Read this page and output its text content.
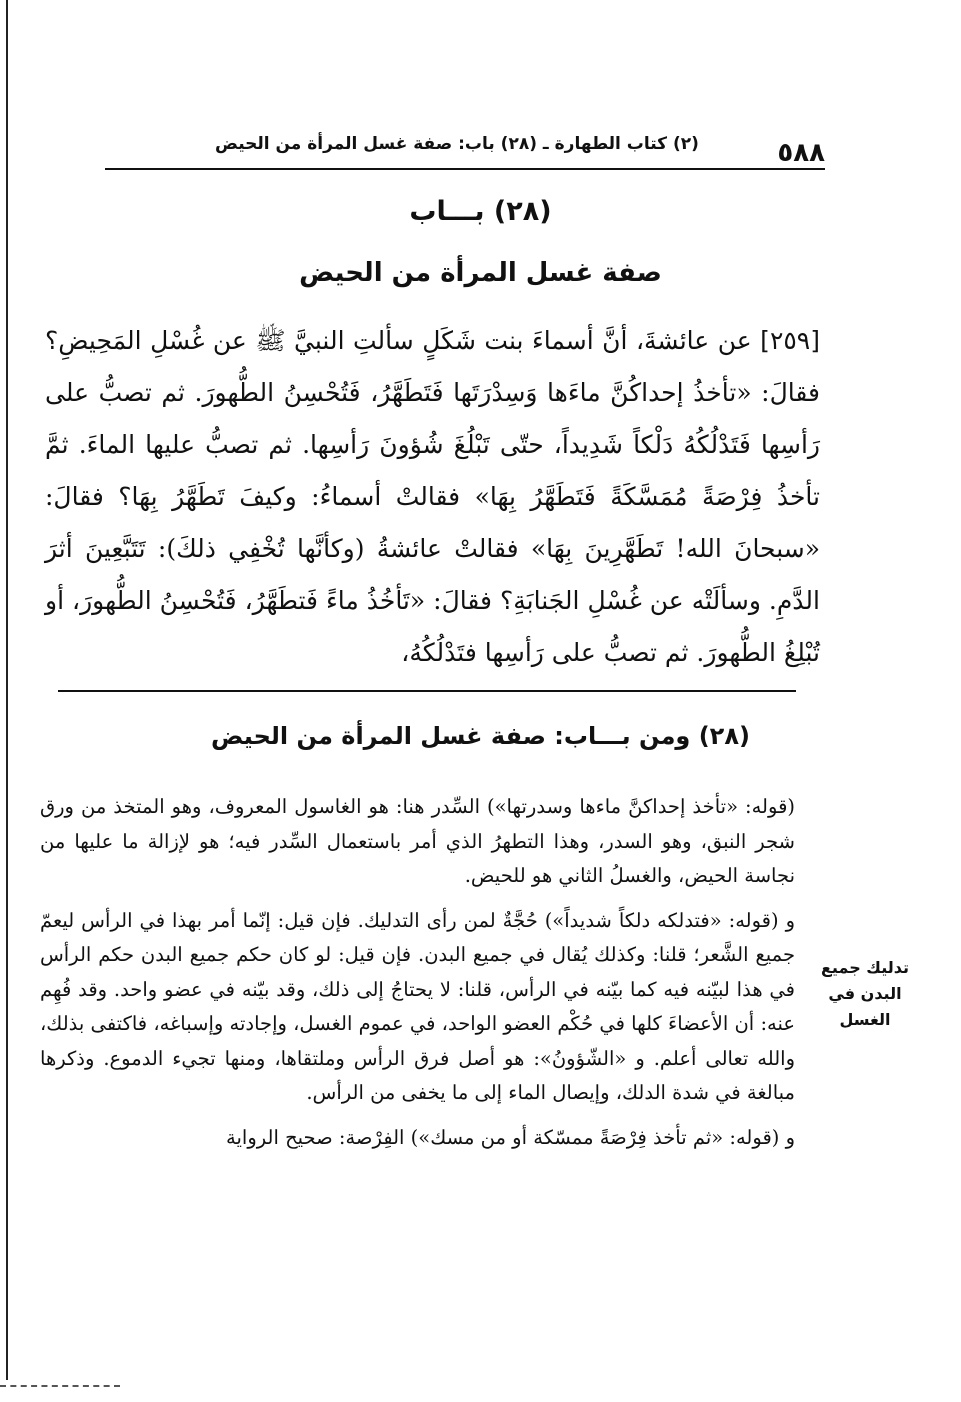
٥٨٨
(٢) كتاب الطهارة ـ (٢٨) باب: صفة غسل المرأة من الحيض
(٢٨) بـــاب
صفة غسل المرأة من الحيض
[٢٥٩] عن عائشةَ، أنَّ أسماءَ بنت شَكَلٍ سألتِ النبيَّ ﷺ عن غُسْلِ المَحِيضِ؟ فقالَ: «تأخذُ إحداكُنَّ ماءَها وَسِدْرَتَها فَتَطَهَّرُ، فَتُحْسِنُ الطُّهورَ. ثم تصبُّ على رَأسِها فَتَدْلُكُهُ دَلْكاً شَدِيداً، حتّى تَبْلُغَ شُؤونَ رَأسِها. ثم تصبُّ عليها الماءَ. ثمَّ تأخذُ فِرْصَةً مُمَسَّكَةً فَتَطَهَّرُ بِهَا» فقالتْ أسماءُ: وكيفَ تَطَهَّرُ بِهَا؟ فقالَ: «سبحانَ الله! تَطَهَّرِينَ بِهَا» فقالتْ عائشةُ (وكأنَّها تُخْفِي ذلكَ): تَتَبَّعِينَ أثرَ الدَّمِ. وسألَتْه عن غُسْلِ الجَنابَةِ؟ فقالَ: «تَأخُذُ ماءً فَتطَهَّرُ، فَتُحْسِنُ الطُّهورَ، أو تُبْلِغُ الطُّهورَ. ثم تصبُّ على رَأسِها فتَدْلُكُهُ،
(٢٨) ومن بـــاب: صفة غسل المرأة من الحيض

(قوله: «تأخذ إحداكنَّ ماءها وسدرتها») السِّدر هنا: هو الغاسول المعروف، وهو المتخذ من ورق شجر النبق، وهو السدر، وهذا التطهرُ الذي أمر باستعمال السِّدر فيه؛ هو لإزالة ما عليها من نجاسة الحيض، والغسلُ الثاني هو للحيض.

و (قوله: «فتدلكه دلكاً شديداً») حُجَّةٌ لمن رأى التدليك. فإن قيل: إنّما أمر بهذا في الرأس ليعمّ جميع الشَّعر؛ قلنا: وكذلك يُقال في جميع البدن. فإن قيل: لو كان حكم جميع البدن حكم الرأس في هذا لبيّنه فيه كما بيّنه في الرأس، قلنا: لا يحتاجُ إلى ذلك، وقد بيّنه في عضو واحد. وقد فُهِم عنه: أن الأعضاءَ كلها في حُكْم العضو الواحد، في عموم الغسل، وإجادته وإسباغه، فاكتفى بذلك، والله تعالى أعلم. و «الشّؤونُ»: هو أصل فرق الرأس وملتقاها، ومنها تجيء الدموع. وذكرها مبالغة في شدة الدلك، وإيصال الماء إلى ما يخفى من الرأس.

و (قوله: «ثم تأخذ فِرْصَةً ممسّكة أو من مسك») الفِرْصة: صحيح الرواية

تدليك جميع البدن في الغسل
